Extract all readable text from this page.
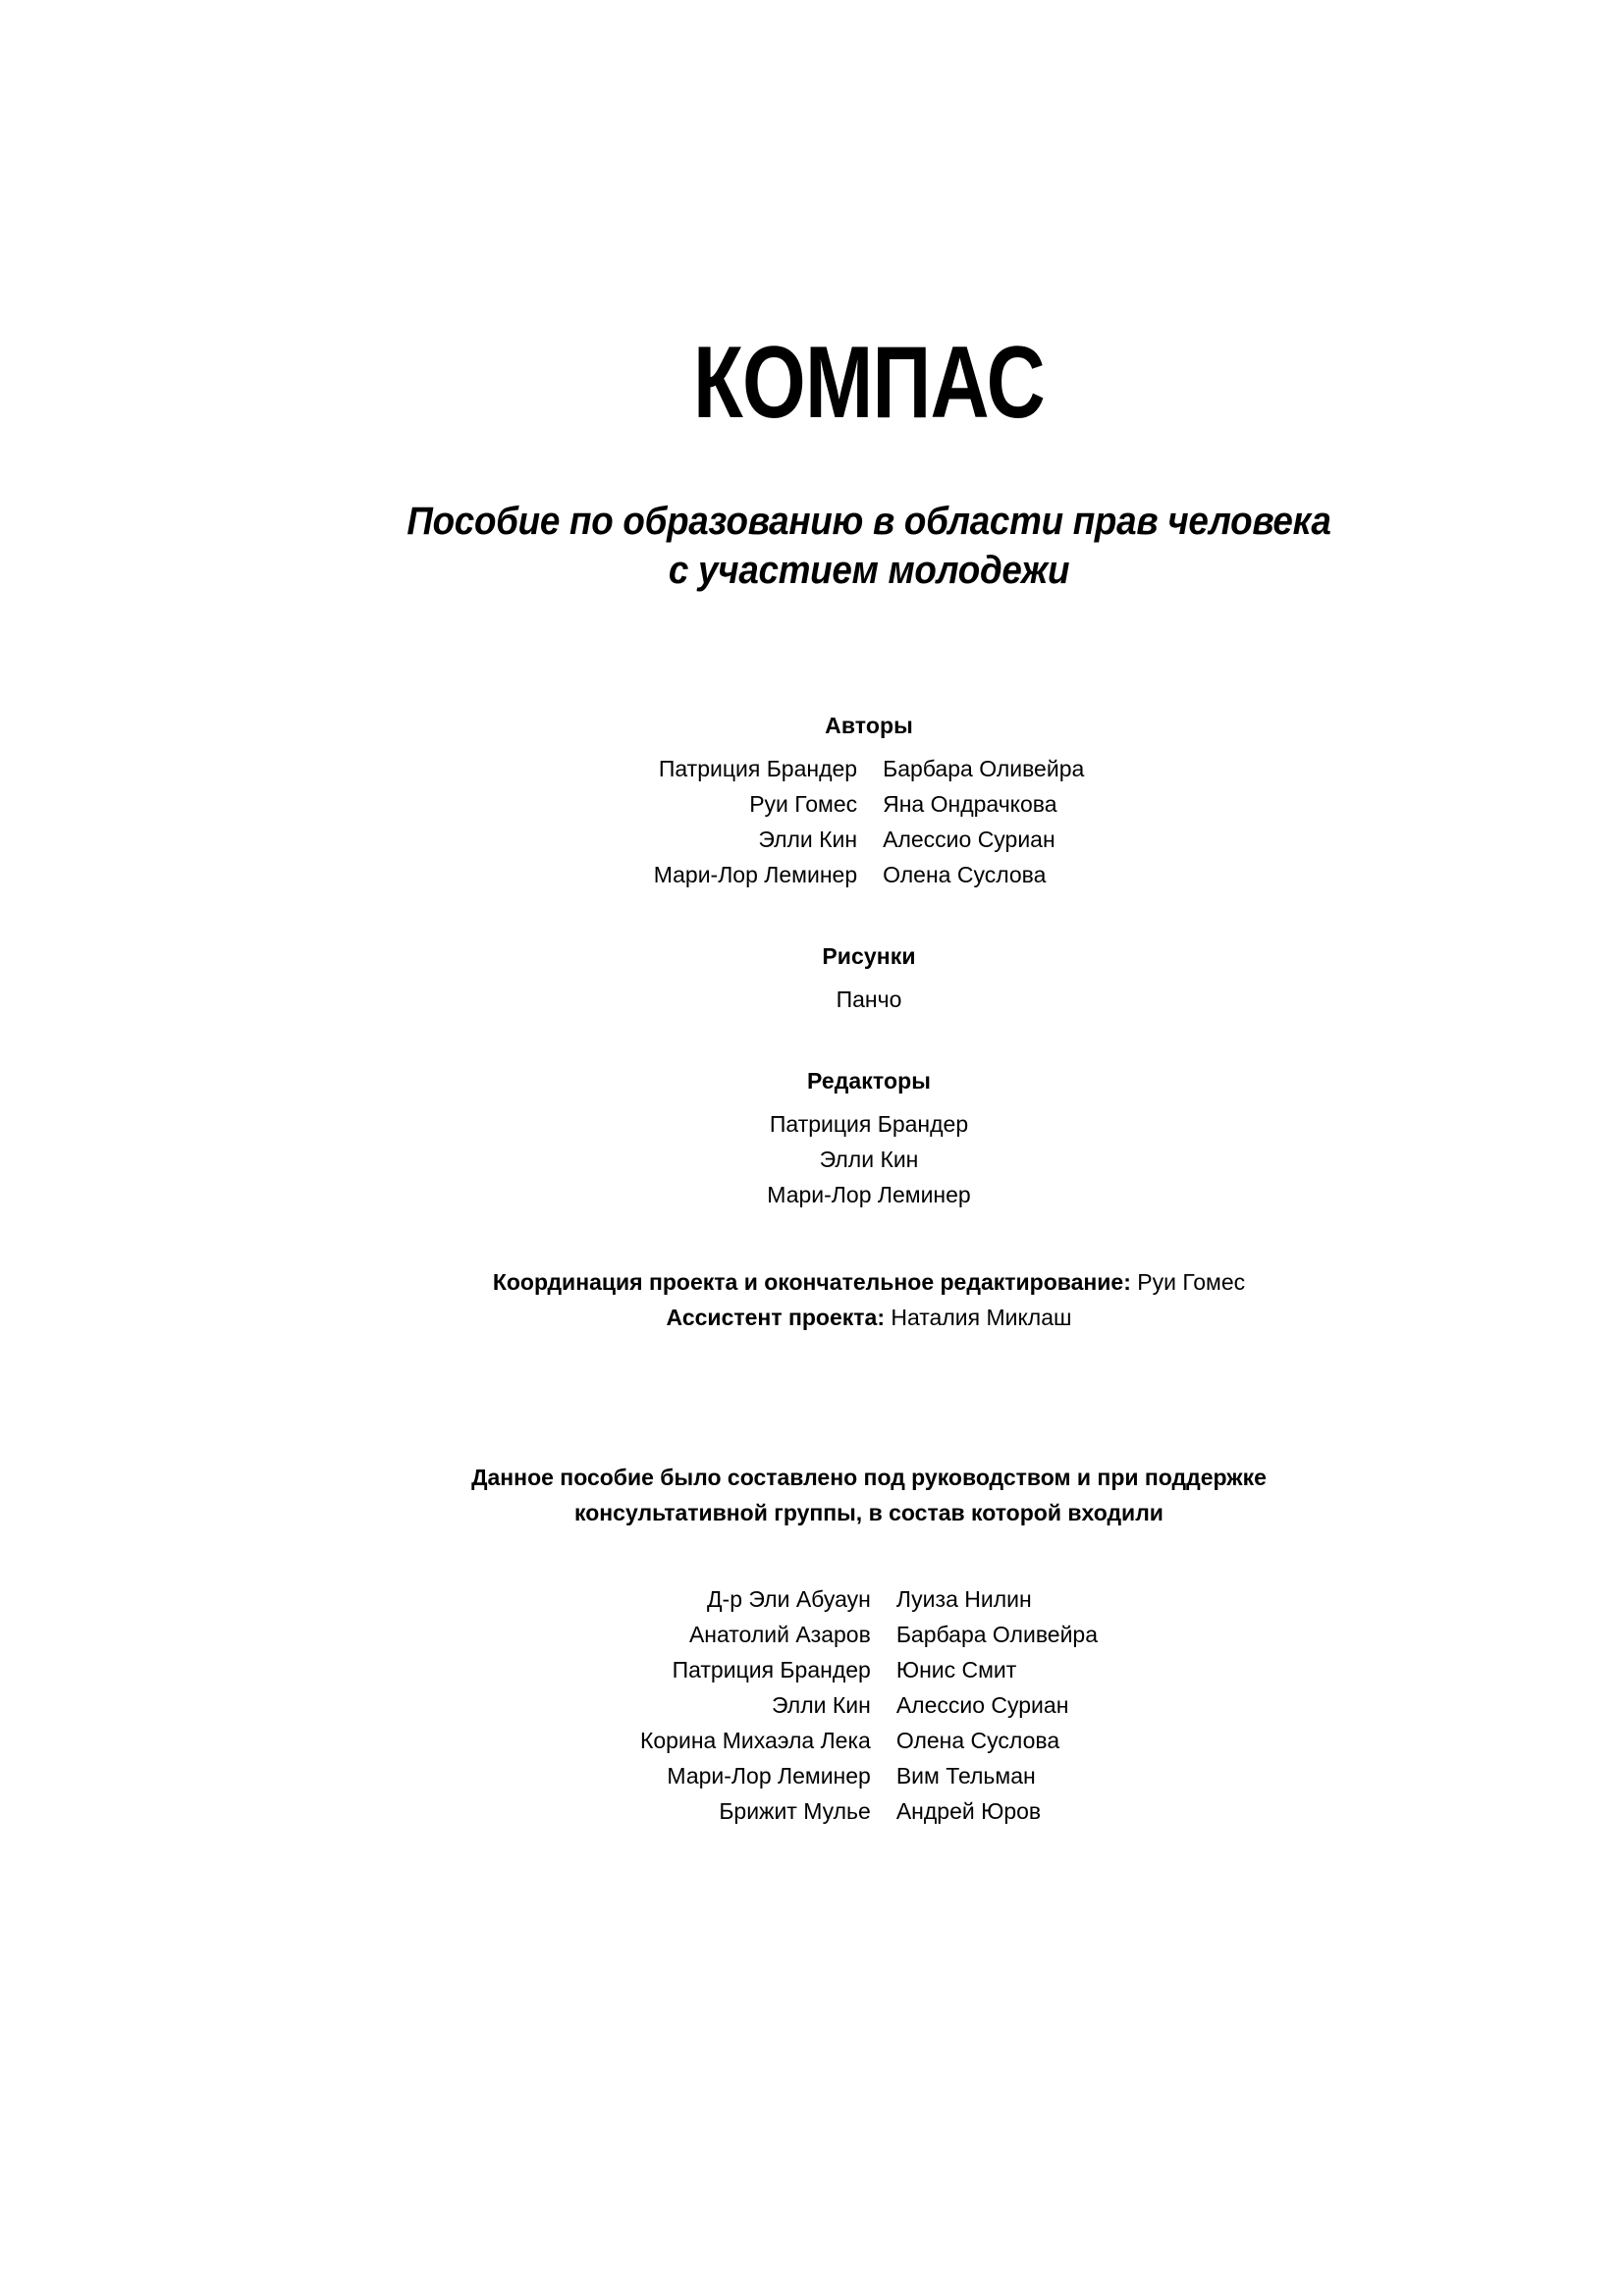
КОМПАС
Пособие по образованию в области прав человека
с участием молодежи
Авторы
Патриция Брандер	Барбара Оливейра
Руи Гомес	Яна Ондрачкова
Элли Кин	Алессио Суриан
Мари-Лор Леминер	Олена Суслова
Рисунки
Панчо
Редакторы
Патриция Брандер
Элли Кин
Мари-Лор Леминер
Координация проекта и окончательное редактирование: Руи Гомес
Ассистент проекта: Наталия Миклаш
Данное пособие было составлено под руководством и при поддержке
консультативной группы, в состав которой входили
Д-р Эли Абуаун	Луиза Нилин
Анатолий Азаров	Барбара Оливейра
Патриция Брандер	Юнис Смит
Элли Кин	Алессио Суриан
Корина Михаэла Лека	Олена Суслова
Мари-Лор Леминер	Вим Тельман
Брижит Мулье	Андрей Юров
